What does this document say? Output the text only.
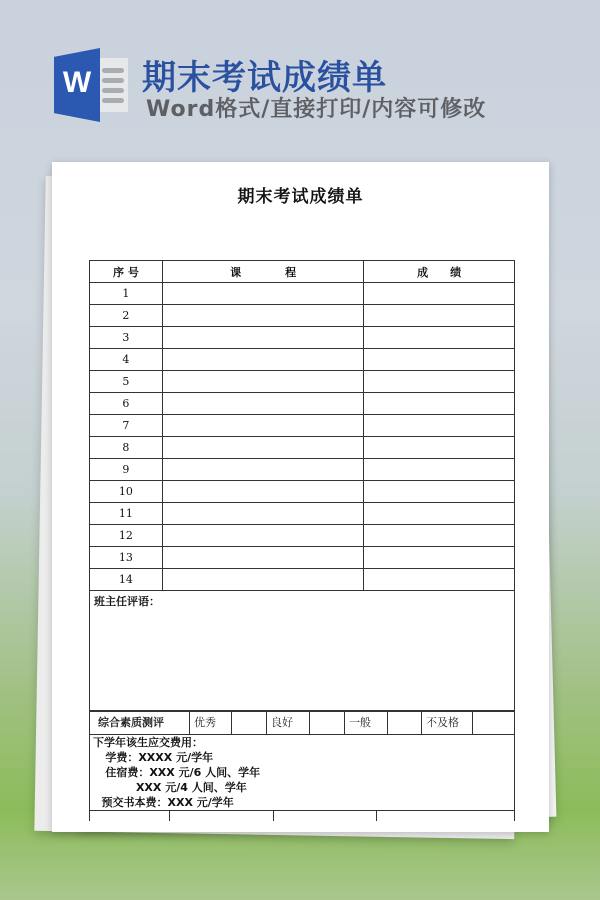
W 期末考试成绩单
Word格式/直接打印/内容可修改
期末考试成绩单
序 号	课　　　　程	成　　绩
1		
2		
3		
4		
5		
6		
7		
8		
9		
10		
11		
12		
13		
14		
班主任评语：
综合素质测评	优秀	良好	一般	不及格
下学年该生应交费用：
学费：XXXX 元/学年
住宿费：XXX 元/6 人间、学年
XXX 元/4 人间、学年
预交书本费：XXX 元/学年
